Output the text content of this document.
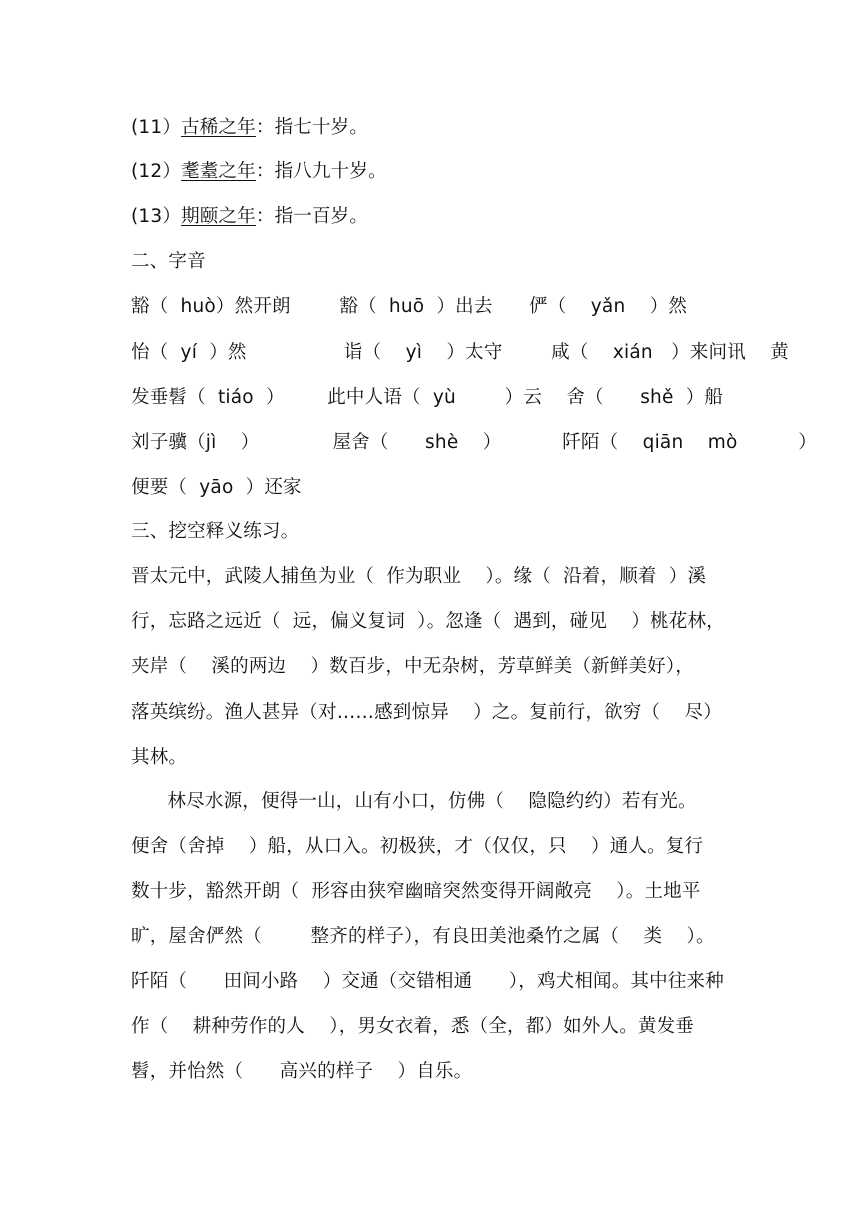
(11）古稀之年：指七十岁。
(12）耄耋之年：指八九十岁。
(13）期颐之年：指一百岁。
二、字音
豁（  huò）然开朗        豁（  huō  ）出去      俨（    yǎn    ）然
怡（  yí  ）然                诣（    yì    ）太守        咸（    xián   ）来问讯    黄
发垂髫（  tiáo  ）       此中人语（  yù        ）云    舍（      shě  ）船
刘子骥（jì    ）            屋舍（      shè    ）          阡陌（    qiān    mò          ）
便要（  yāo  ）还家
三、挖空释义练习。
晋太元中，武陵人捕鱼为业（  作为职业    ）。缘（  沿着，顺着  ）溪
行，忘路之远近（  远，偏义复词  ）。忽逢（  遇到，碰见    ）桃花林，
夹岸（    溪的两边    ）数百步，中无杂树，芳草鲜美（新鲜美好），
落英缤纷。渔人甚异（对……感到惊异    ）之。复前行，欲穷（    尽）
其林。
林尽水源，便得一山，山有小口，仿佛（    隐隐约约）若有光。
便舍（舍掉    ）船，从口入。初极狭，才（仅仅，只    ）通人。复行
数十步，豁然开朗（  形容由狭窄幽暗突然变得开阔敞亮    ）。土地平
旷，屋舍俨然（        整齐的样子），有良田美池桑竹之属（    类    ）。
阡陌（      田间小路    ）交通（交错相通      ），鸡犬相闻。其中往来种
作（    耕种劳作的人    ），男女衣着，悉（全，都）如外人。黄发垂
髫，并怡然（      高兴的样子    ）自乐。
